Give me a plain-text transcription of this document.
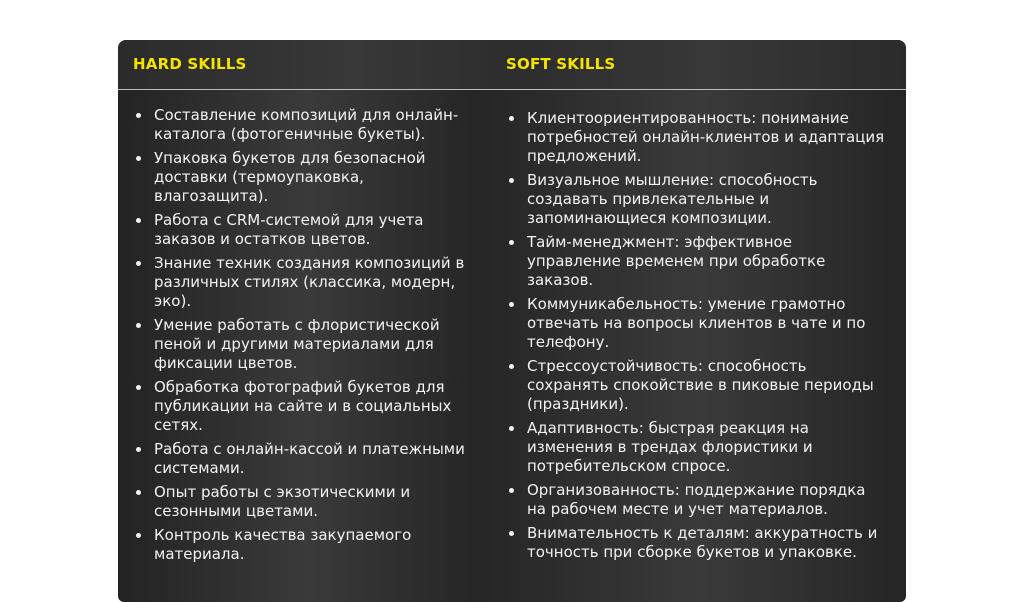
HARD SKILLS	SOFT SKILLS
Составление композиций для онлайн-каталога (фотогеничные букеты).
Упаковка букетов для безопасной доставки (термоупаковка, влагозащита).
Работа с CRM-системой для учета заказов и остатков цветов.
Знание техник создания композиций в различных стилях (классика, модерн, эко).
Умение работать с флористической пеной и другими материалами для фиксации цветов.
Обработка фотографий букетов для публикации на сайте и в социальных сетях.
Работа с онлайн-кассой и платежными системами.
Опыт работы с экзотическими и сезонными цветами.
Контроль качества закупаемого материала.
Клиентоориентированность: понимание потребностей онлайн-клиентов и адаптация предложений.
Визуальное мышление: способность создавать привлекательные и запоминающиеся композиции.
Тайм-менеджмент: эффективное управление временем при обработке заказов.
Коммуникабельность: умение грамотно отвечать на вопросы клиентов в чате и по телефону.
Стрессоустойчивость: способность сохранять спокойствие в пиковые периоды (праздники).
Адаптивность: быстрая реакция на изменения в трендах флористики и потребительском спросе.
Организованность: поддержание порядка на рабочем месте и учет материалов.
Внимательность к деталям: аккуратность и точность при сборке букетов и упаковке.
